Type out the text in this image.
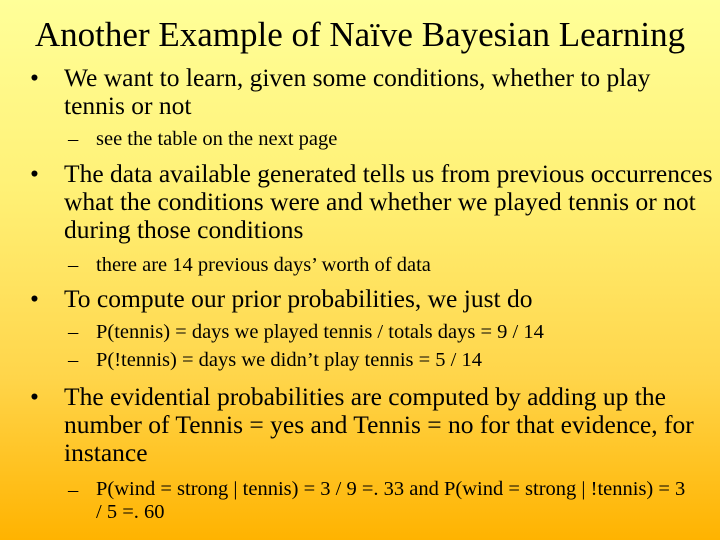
Another Example of Naïve Bayesian Learning
• We want to learn, given some conditions, whether to play tennis or not
– see the table on the next page
• The data available generated tells us from previous occurrences what the conditions were and whether we played tennis or not during those conditions
– there are 14 previous days’ worth of data
• To compute our prior probabilities, we just do
– P(tennis) = days we played tennis / totals days = 9 / 14
– P(!tennis) = days we didn’t play tennis = 5 / 14
• The evidential probabilities are computed by adding up the number of Tennis = yes and Tennis = no for that evidence, for instance
– P(wind = strong | tennis) = 3 / 9 =. 33 and P(wind = strong | !tennis) = 3 / 5 =. 60
